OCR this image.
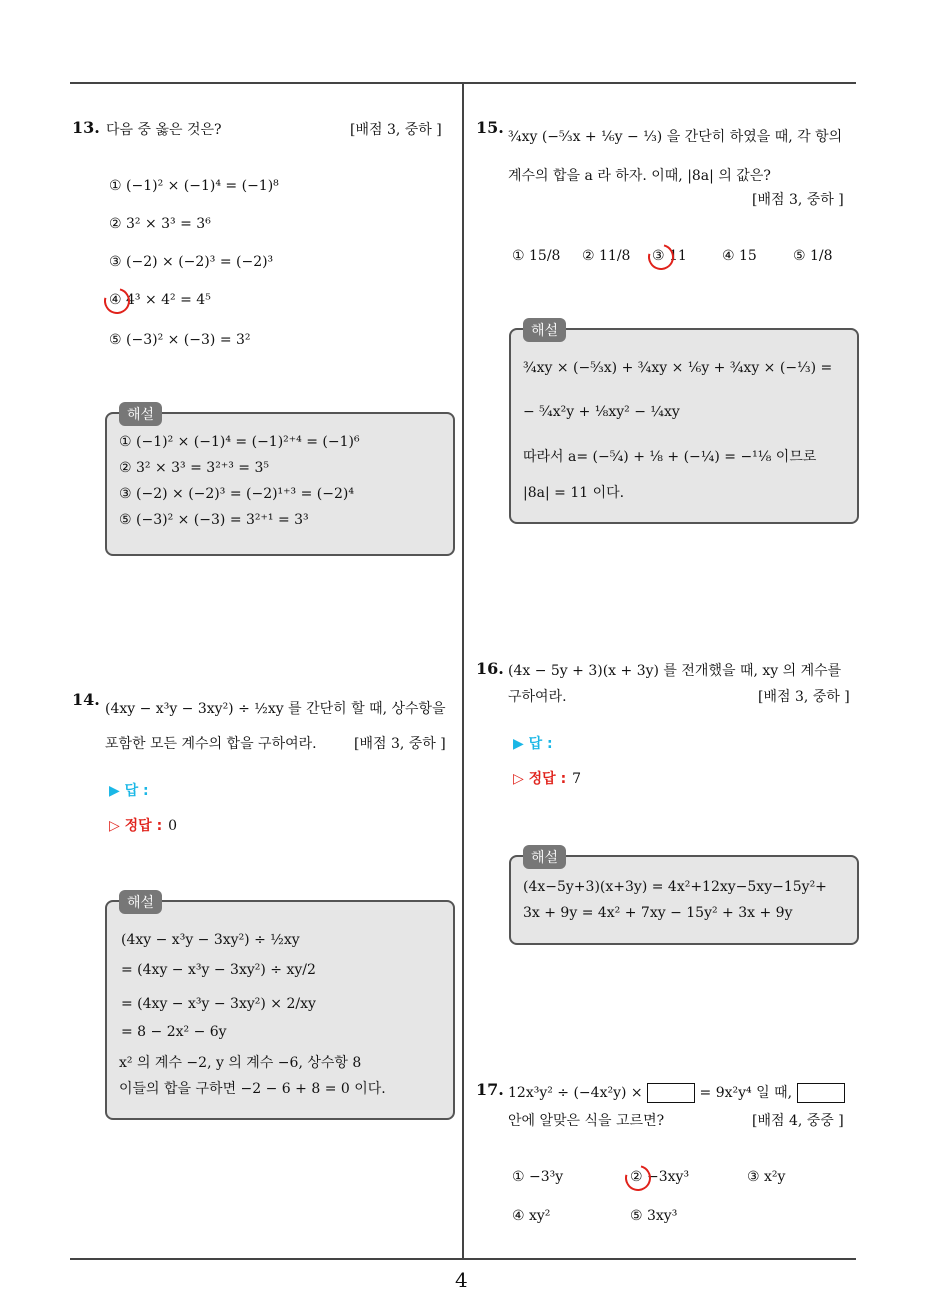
4
13. 다음 중 옳은 것은?	[배점 3, 중하 ]
① (−1)² × (−1)⁴ = (−1)⁸
② 3² × 3³ = 3⁶
③ (−2) × (−2)³ = (−2)³
④ 4³ × 4² = 4⁵
⑤ (−3)² × (−3) = 3²
해설
① (−1)² × (−1)⁴ = (−1)²⁺⁴ = (−1)⁶
② 3² × 3³ = 3²⁺³ = 3⁵
③ (−2) × (−2)³ = (−2)¹⁺³ = (−2)⁴
⑤ (−3)² × (−3) = 3²⁺¹ = 3³
14. (4xy − x³y − 3xy²) ÷ ½xy 를 간단히 할 때, 상수항을
포함한 모든 계수의 합을 구하여라.	[배점 3, 중하 ]
▶ 답 :
▷ 정답 : 0
해설
(4xy − x³y − 3xy²) ÷ ½xy
= (4xy − x³y − 3xy²) ÷ xy/2
= (4xy − x³y − 3xy²) × 2/xy
= 8 − 2x² − 6y
x² 의 계수 −2, y 의 계수 −6, 상수항 8
이들의 합을 구하면 −2 − 6 + 8 = 0 이다.
15. ¾xy (−⁵⁄₃x + ⅙y − ⅓) 을 간단히 하였을 때, 각 항의
계수의 합을 a 라 하자. 이때, |8a| 의 값은?
[배점 3, 중하 ]
① 15/8 ② 11/8 ③ 11	④ 15	⑤ 1/8
해설
¾xy × (−⁵⁄₃x) + ¾xy × ⅙y + ¾xy × (−⅓) =
− ⁵⁄₄x²y + ⅛xy² − ¼xy
따라서 a= (−⁵⁄₄) + ⅛ + (−¼) = −¹¹⁄₈ 이므로
|8a| = 11 이다.
16. (4x − 5y + 3)(x + 3y) 를 전개했을 때, xy 의 계수를
구하여라.	[배점 3, 중하 ]
▶ 답 :
▷ 정답 : 7
해설
(4x−5y+3)(x+3y) = 4x²+12xy−5xy−15y²+
3x + 9y = 4x² + 7xy − 15y² + 3x + 9y
17. 12x³y² ÷ (−4x²y) ×	= 9x²y⁴ 일 때,
안에 알맞은 식을 고르면?	[배점 4, 중중 ]
① −3³y	② −3xy³	③ x²y
④ xy²	⑤ 3xy³
